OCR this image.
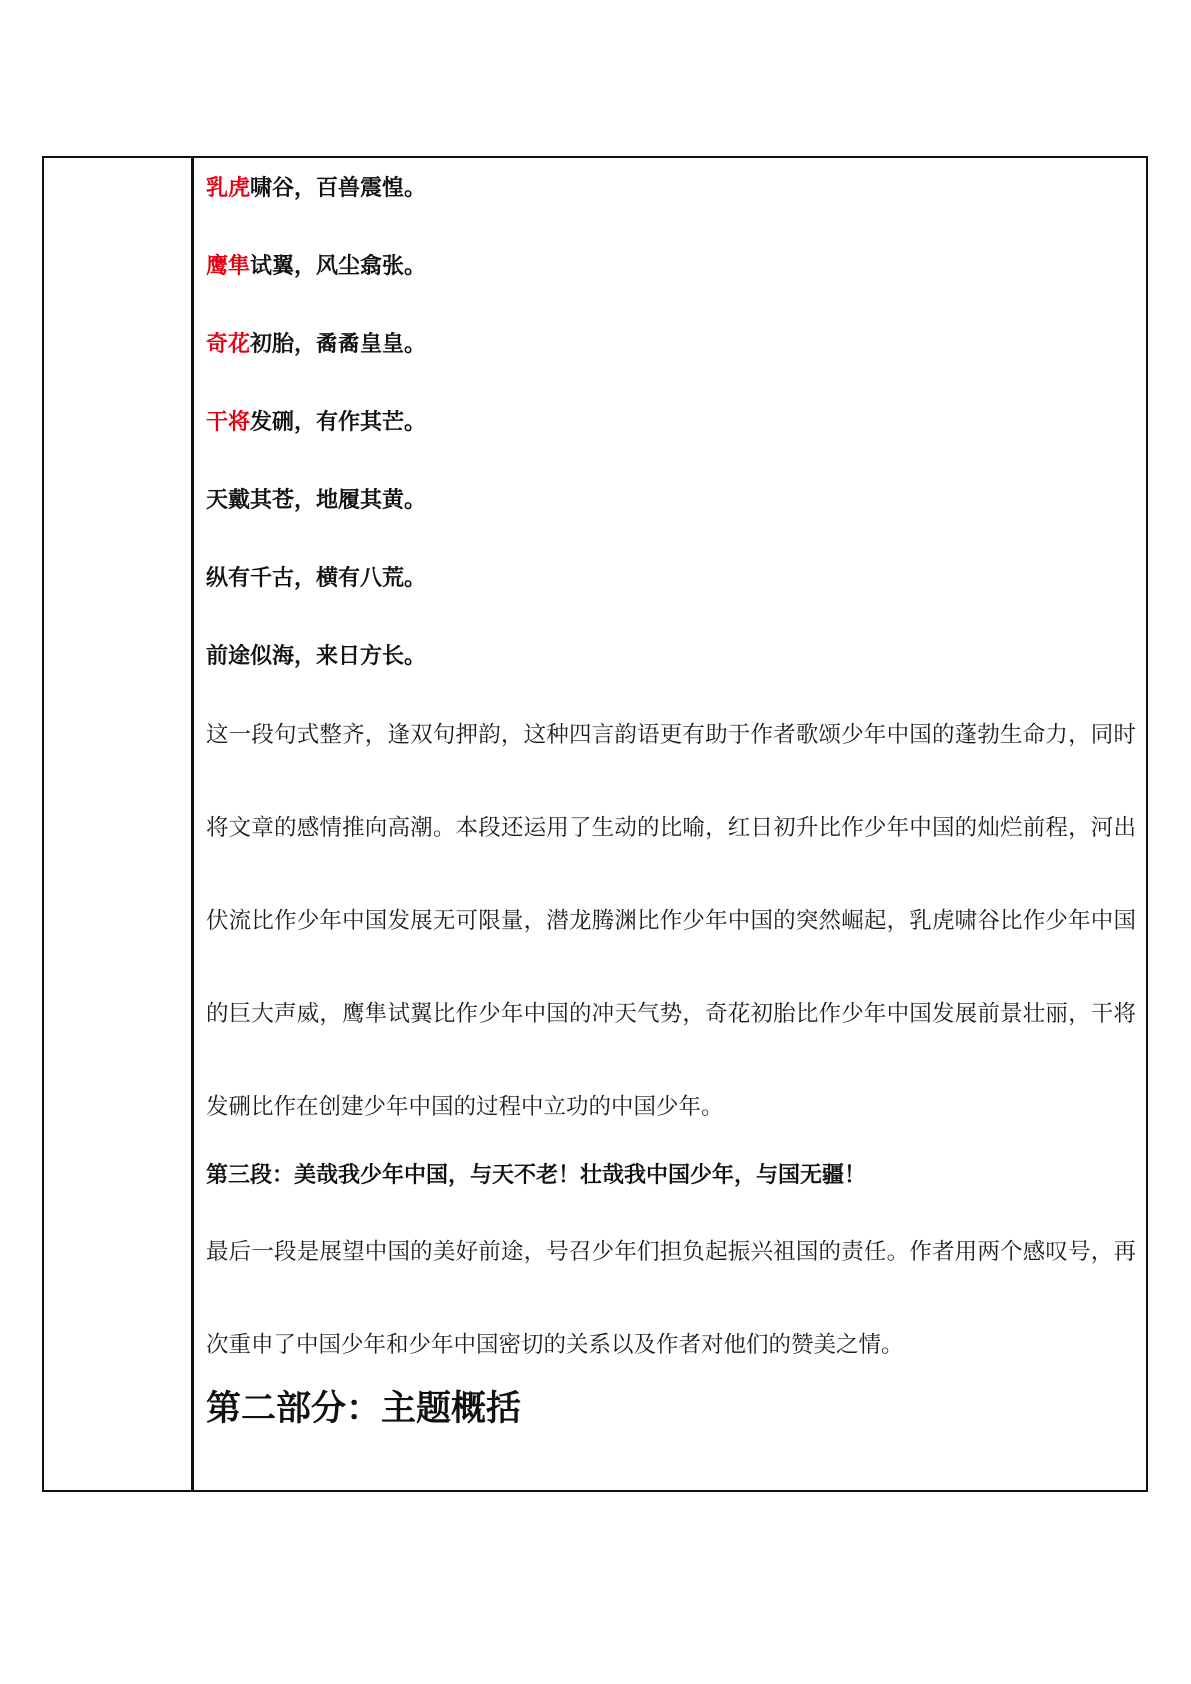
乳虎啸谷，百兽震惶。

鹰隼试翼，风尘翕张。

奇花初胎，矞矞皇皇。

干将发硎，有作其芒。

天戴其苍，地履其黄。

纵有千古，横有八荒。

前途似海，来日方长。

这一段句式整齐，逢双句押韵，这种四言韵语更有助于作者歌颂少年中国的蓬勃生命力，同时将文章的感情推向高潮。本段还运用了生动的比喻，红日初升比作少年中国的灿烂前程，河出伏流比作少年中国发展无可限量，潜龙腾渊比作少年中国的突然崛起，乳虎啸谷比作少年中国的巨大声威，鹰隼试翼比作少年中国的冲天气势，奇花初胎比作少年中国发展前景壮丽，干将发硎比作在创建少年中国的过程中立功的中国少年。

第三段：美哉我少年中国，与天不老！壮哉我中国少年，与国无疆！

最后一段是展望中国的美好前途，号召少年们担负起振兴祖国的责任。作者用两个感叹号，再次重申了中国少年和少年中国密切的关系以及作者对他们的赞美之情。

第二部分：主题概括
